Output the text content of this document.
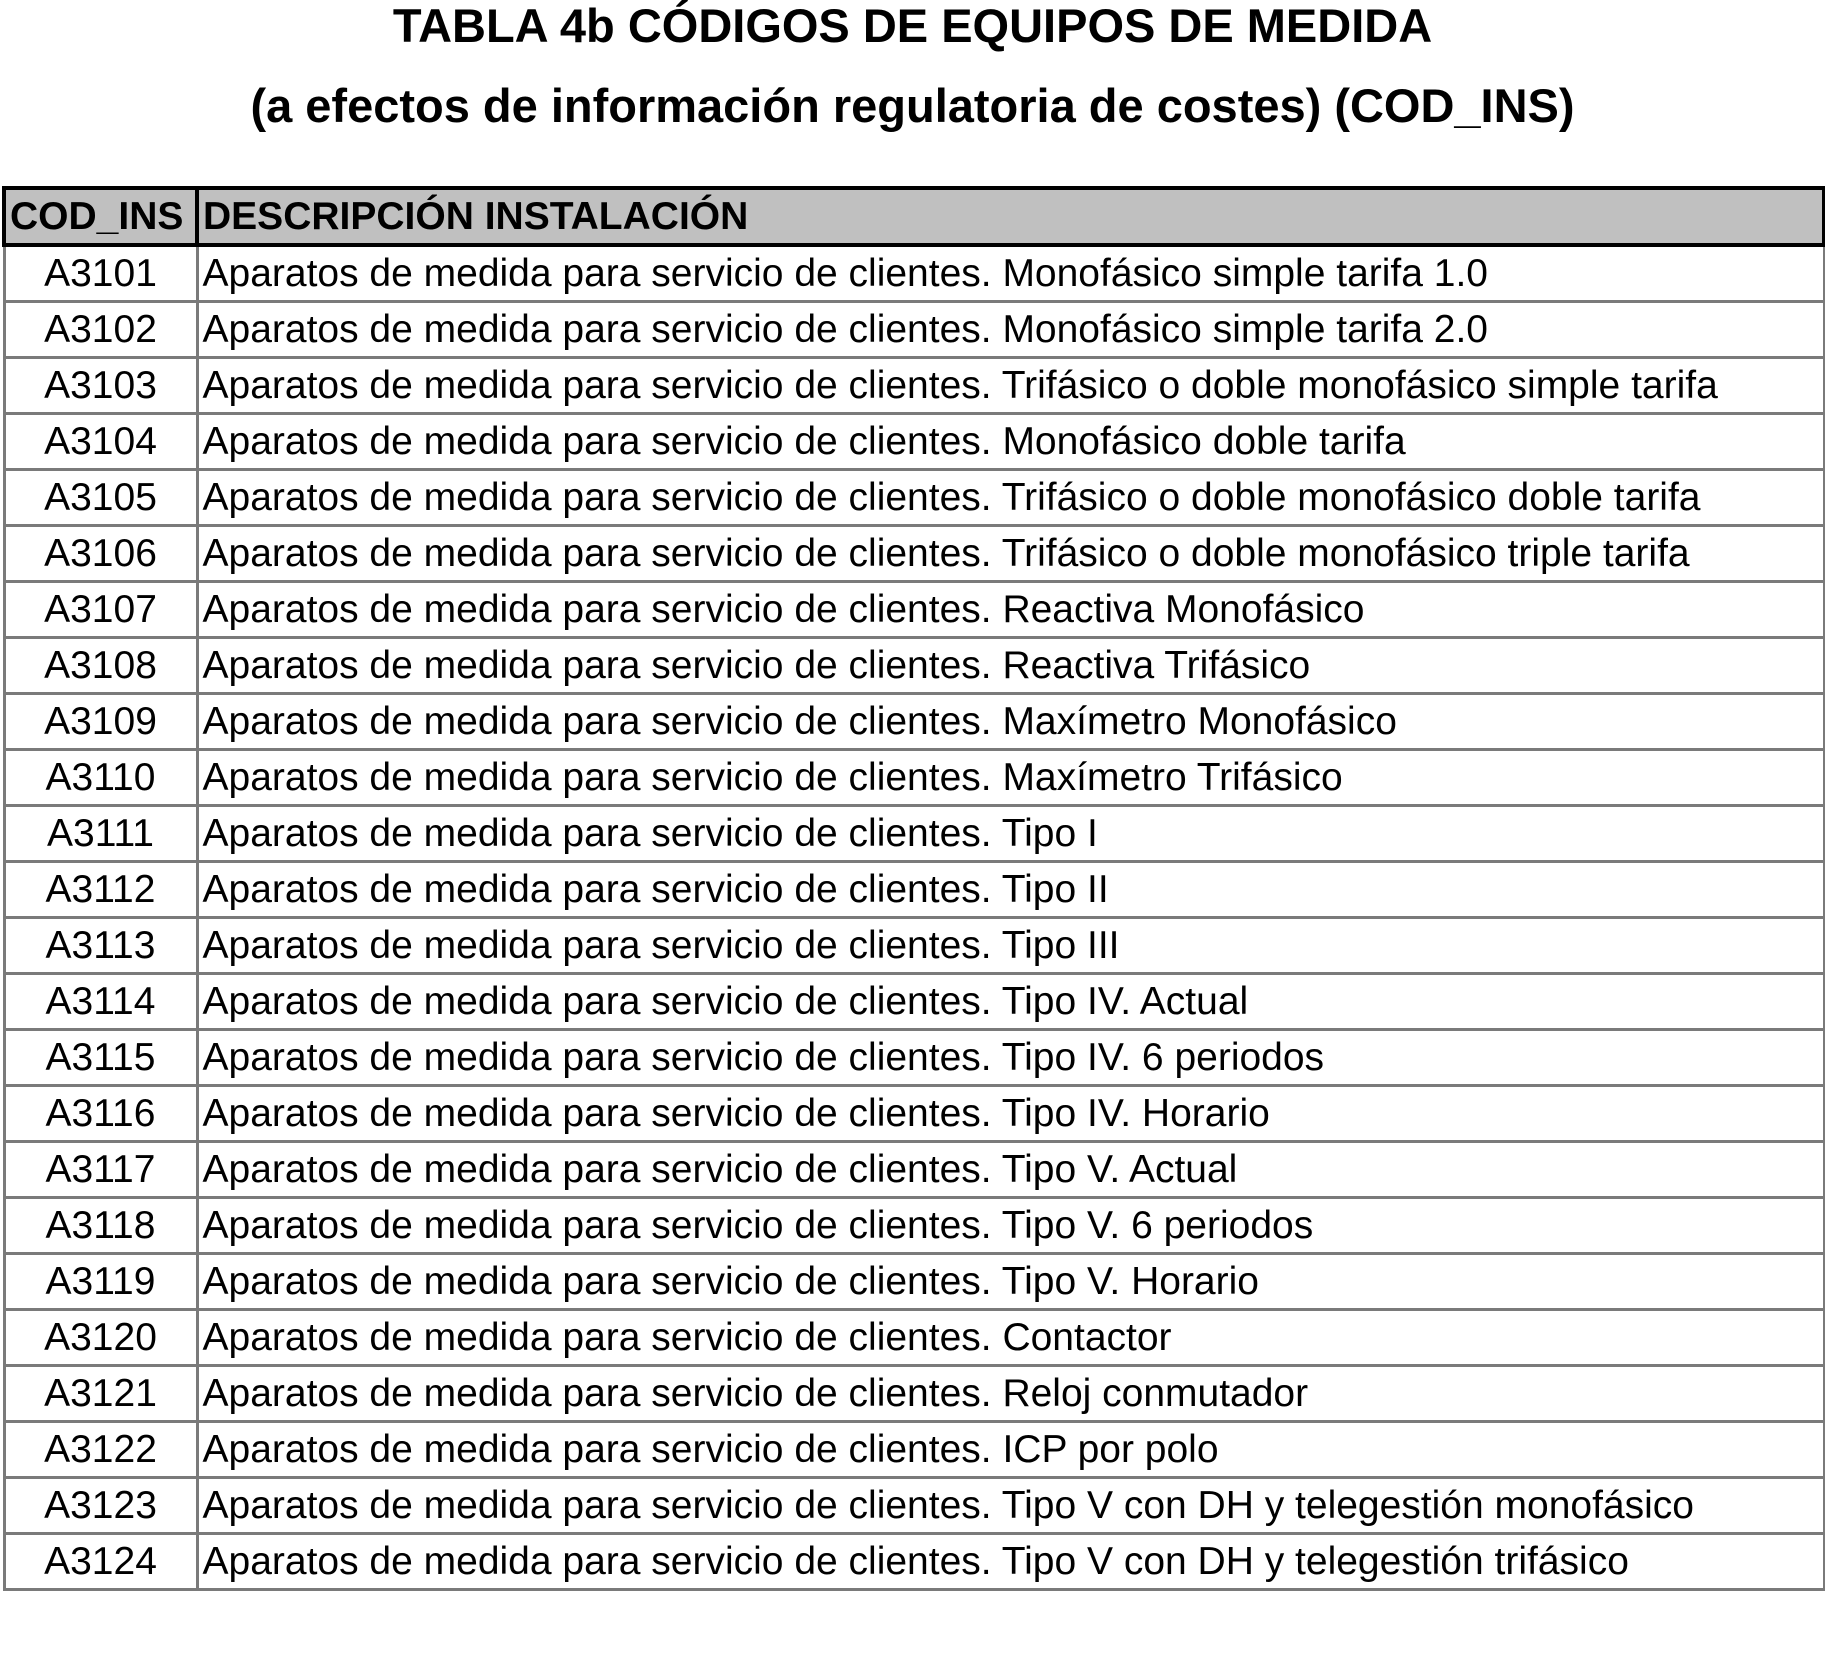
TABLA 4b CÓDIGOS DE EQUIPOS DE MEDIDA
(a efectos de información regulatoria de costes) (COD_INS)
COD_INS	DESCRIPCIÓN INSTALACIÓN
A3101	Aparatos de medida para servicio de clientes. Monofásico simple tarifa 1.0
A3102	Aparatos de medida para servicio de clientes. Monofásico simple tarifa 2.0
A3103	Aparatos de medida para servicio de clientes. Trifásico o doble monofásico simple tarifa
A3104	Aparatos de medida para servicio de clientes. Monofásico doble tarifa
A3105	Aparatos de medida para servicio de clientes. Trifásico o doble monofásico doble tarifa
A3106	Aparatos de medida para servicio de clientes. Trifásico o doble monofásico triple tarifa
A3107	Aparatos de medida para servicio de clientes. Reactiva Monofásico
A3108	Aparatos de medida para servicio de clientes. Reactiva Trifásico
A3109	Aparatos de medida para servicio de clientes. Maxímetro Monofásico
A3110	Aparatos de medida para servicio de clientes. Maxímetro Trifásico
A3111	Aparatos de medida para servicio de clientes. Tipo I
A3112	Aparatos de medida para servicio de clientes. Tipo II
A3113	Aparatos de medida para servicio de clientes. Tipo III
A3114	Aparatos de medida para servicio de clientes. Tipo IV. Actual
A3115	Aparatos de medida para servicio de clientes. Tipo IV. 6 periodos
A3116	Aparatos de medida para servicio de clientes. Tipo IV. Horario
A3117	Aparatos de medida para servicio de clientes. Tipo V. Actual
A3118	Aparatos de medida para servicio de clientes. Tipo V. 6 periodos
A3119	Aparatos de medida para servicio de clientes. Tipo V. Horario
A3120	Aparatos de medida para servicio de clientes. Contactor
A3121	Aparatos de medida para servicio de clientes. Reloj conmutador
A3122	Aparatos de medida para servicio de clientes. ICP por polo
A3123	Aparatos de medida para servicio de clientes. Tipo V con DH y telegestión monofásico
A3124	Aparatos de medida para servicio de clientes. Tipo V con DH y telegestión trifásico
